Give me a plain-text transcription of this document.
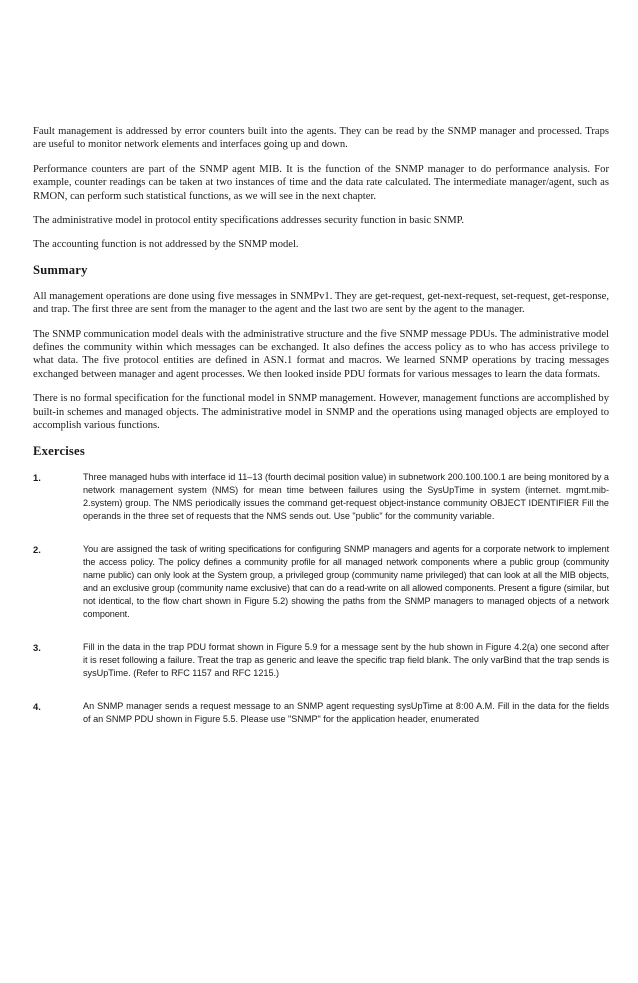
Fault management is addressed by error counters built into the agents. They can be read by the SNMP manager and processed. Traps are useful to monitor network elements and interfaces going up and down.

Performance counters are part of the SNMP agent MIB. It is the function of the SNMP manager to do performance analysis. For example, counter readings can be taken at two instances of time and the data rate calculated. The intermediate manager/agent, such as RMON, can perform such statistical functions, as we will see in the next chapter.

The administrative model in protocol entity specifications addresses security function in basic SNMP.

The accounting function is not addressed by the SNMP model.

Summary

All management operations are done using five messages in SNMPv1. They are get-request, get-next-request, set-request, get-response, and trap. The first three are sent from the manager to the agent and the last two are sent by the agent to the manager.

The SNMP communication model deals with the administrative structure and the five SNMP message PDUs. The administrative model defines the community within which messages can be exchanged. It also defines the access policy as to who has access privilege to what data. The five protocol entities are defined in ASN.1 format and macros. We learned SNMP operations by tracing messages exchanged between manager and agent processes. We then looked inside PDU formats for various messages to learn the data formats.

There is no formal specification for the functional model in SNMP management. However, management functions are accomplished by built-in schemes and managed objects. The administrative model in SNMP and the operations using managed objects are employed to accomplish various functions.

Exercises
1.	Three managed hubs with interface id 11–13 (fourth decimal position value) in subnetwork 200.100.100.1 are being monitored by a network management system (NMS) for mean time between failures using the SysUpTime in system (internet. mgmt.mib-2.system) group. The NMS periodically issues the command get-request object-instance community OBJECT IDENTIFIER Fill the operands in the three set of requests that the NMS sends out. Use "public" for the community variable.

2.	You are assigned the task of writing specifications for configuring SNMP managers and agents for a corporate network to implement the access policy. The policy defines a community profile for all managed network components where a public group (community name public) can only look at the System group, a privileged group (community name privileged) that can look at all the MIB objects, and an exclusive group (community name exclusive) that can do a read-write on all allowed components. Present a figure (similar, but not identical, to the flow chart shown in Figure 5.2) showing the paths from the SNMP managers to managed objects of a network component.

3.	Fill in the data in the trap PDU format shown in Figure 5.9 for a message sent by the hub shown in Figure 4.2(a) one second after it is reset following a failure. Treat the trap as generic and leave the specific trap field blank. The only varBind that the trap sends is sysUpTime. (Refer to RFC 1157 and RFC 1215.)

4.	An SNMP manager sends a request message to an SNMP agent requesting sysUpTime at 8:00 A.M. Fill in the data for the fields of an SNMP PDU shown in Figure 5.5. Please use "SNMP" for the application header, enumerated
